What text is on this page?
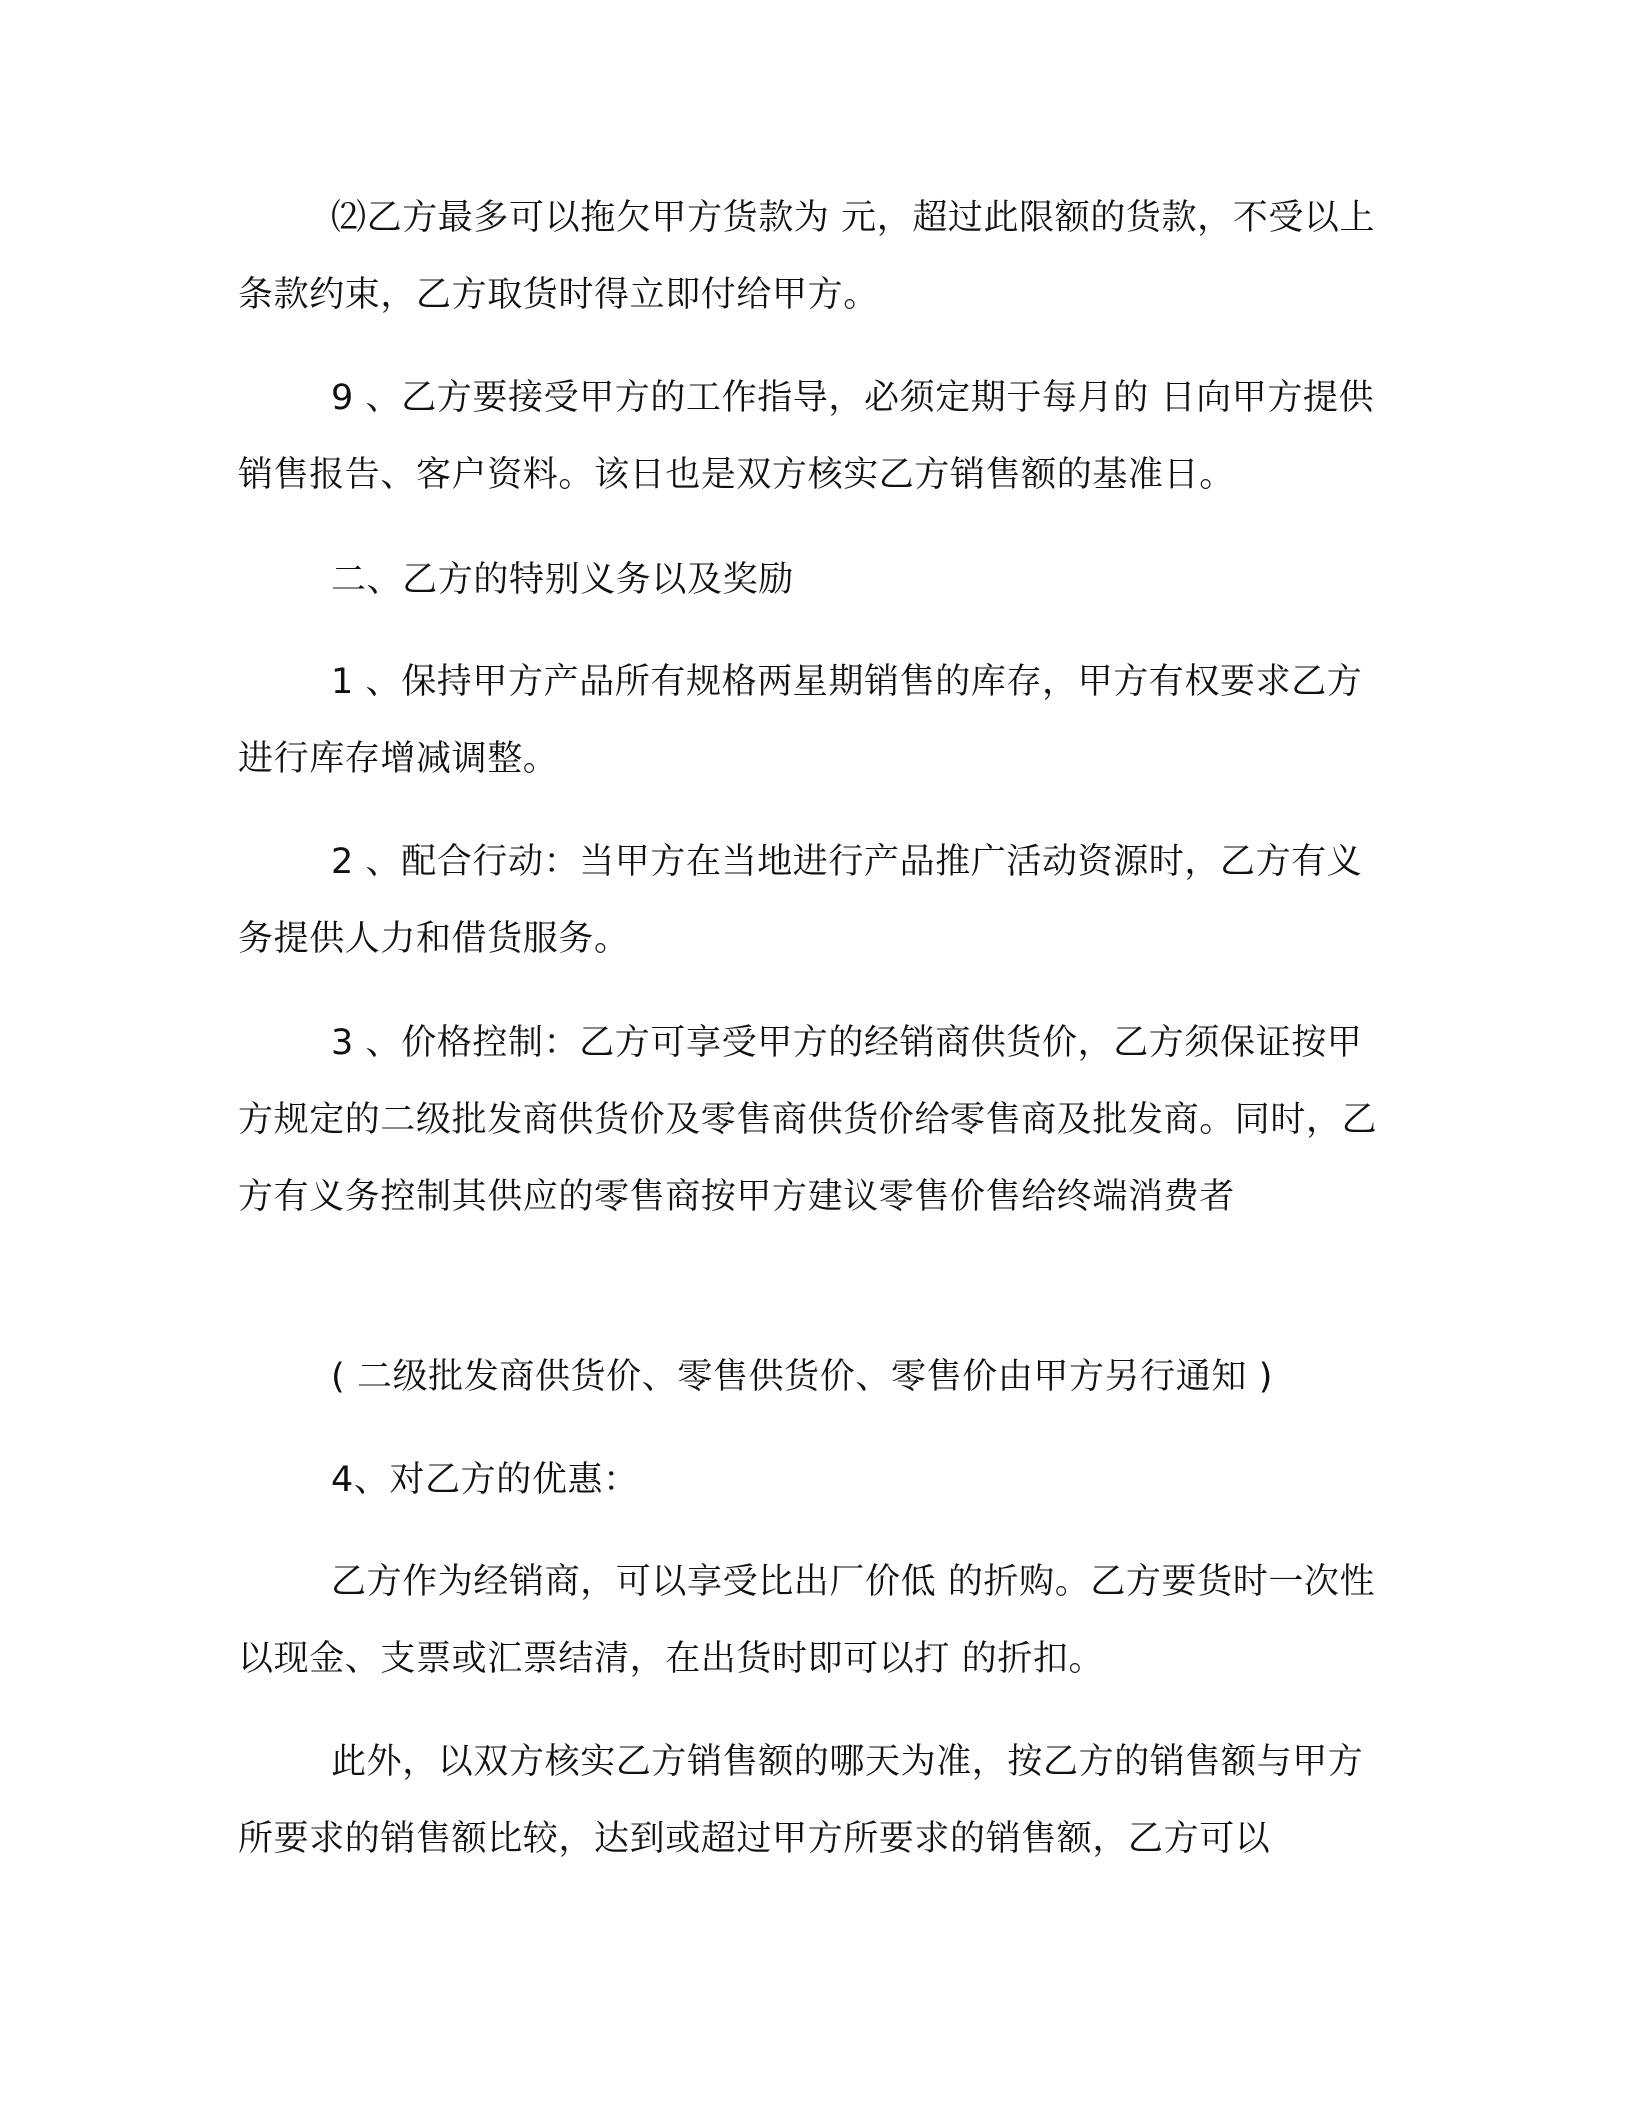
⑵乙方最多可以拖欠甲方货款为 元，超过此限额的货款，不受以上条款约束，乙方取货时得立即付给甲方。

9 、乙方要接受甲方的工作指导，必须定期于每月的 日向甲方提供销售报告、客户资料。该日也是双方核实乙方销售额的基准日。

二、乙方的特别义务以及奖励

1 、保持甲方产品所有规格两星期销售的库存，甲方有权要求乙方进行库存增减调整。

2 、配合行动：当甲方在当地进行产品推广活动资源时，乙方有义务提供人力和借货服务。

3 、价格控制：乙方可享受甲方的经销商供货价，乙方须保证按甲方规定的二级批发商供货价及零售商供货价给零售商及批发商。同时，乙方有义务控制其供应的零售商按甲方建议零售价售给终端消费者

( 二级批发商供货价、零售供货价、零售价由甲方另行通知 )

4、对乙方的优惠：

乙方作为经销商，可以享受比出厂价低 的折购。乙方要货时一次性以现金、支票或汇票结清，在出货时即可以打 的折扣。

此外，以双方核实乙方销售额的哪天为准，按乙方的销售额与甲方所要求的销售额比较，达到或超过甲方所要求的销售额，乙方可以
